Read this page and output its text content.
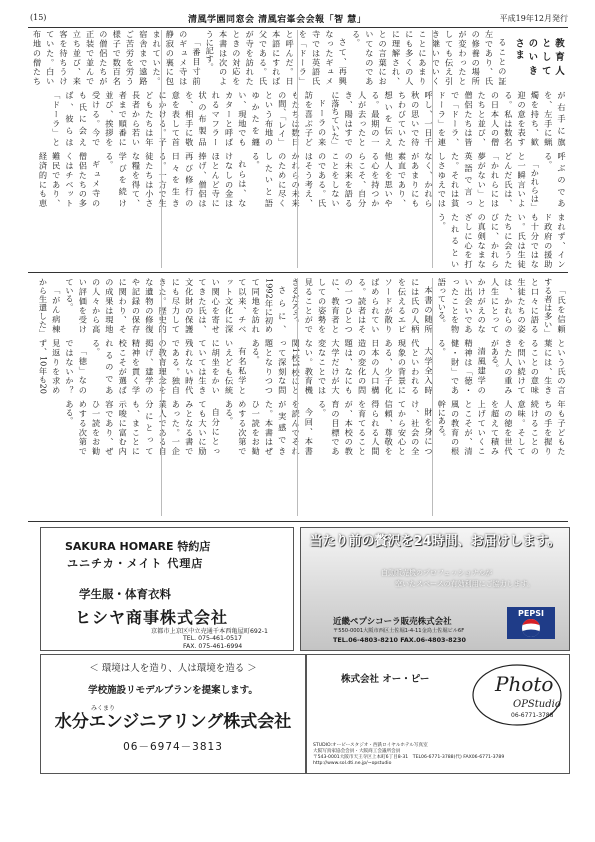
(15)	清風学園同窓会 清風宕峯会会報「智 慧」	平成19年12月発行
教育人としてのいきさま

ることの証左であり、氏の修養の場所が変わったとしても伝え引き継いでいくことにあまりにも多くの人に理解され、との言葉においてなのである。

さて、再興なったギュメ寺では英語氏を「ドーラ」と呼んだ。日本語にすれば父である。氏が寺を訪れたときの対応を本書は次のように記す。

「番目寸前のギュメ寺は静寂の裏に包まれていた。宿舎まで遠路ご苦労を労う様子で数百名の僧侶たちが正装で並んで立ち並び、来客を待ちうけていた。白い布地の僧たちが右手に旗を、左手に蝋燭を持ち、歓迎の意を表する。私は数名の日本人の僧たちと並び、僧侶たちは皆で「ドーラ、ドーラ」を連呼し、一日千秋の思いで待ちわびていた想いを伝える。最期の一人が去ったとき、陽はすでに落ちていた」

ドーラの来訪を喜ぶ子どもたちは数日の間、「レイ」という布地のゆかたを纏い、現地でもカターと呼ばれるマフラー状の布製品を、相手に敬意を表して首にかける。子どもたちは年長者から若い者まで順番に並び、挨拶を受ける。今でも氏に会えば、彼らは「ドーラ」と呼ぶのである。

「かれらは」と一瞬言いよどんだ氏は、「かれらには夢がない」と英語で言った。それは貧しさゆえではなく、かれらがあまりにも素直であり、他人を思いやる心を持つからこそ、自分の未来を語ることをしないのである。氏はそう考え、かれらの未来のために尽くしたいと語る。

れらは、なけなしの金はほとんど寺に捧げ、僧侶は再び修行の日々を生きる。一方で生徒たちは小さな糧を得て、学びを続ける。

ギュメ寺の僧侶たちの多くはチベット難民であり、経済的にも恵まれず、インド政府の援助も十分ではない。氏は生徒たちに会うたびに、かれらの真剣なまなざしに心を打たれるという。

「氏を信頼する者は多い」と口々に語る生徒たちの姿は、かれらの人生にとってかけがえのない出会いであったことを物語っている。

本書の随所には氏の人柄を伝えるエピソードが散りばめられている。読者はその一つひとつに、教育者としての姿勢を見ることができるだろう。

さらに、1992年に初めて同地を訪れて以来、チベット文化に深い関心を寄せてきた氏は、文化財の保護にも尽力してきた。歴史的な遺物の修復や記録の保存に関わり、その成果は現地の人々から高い評価を受けている。

「がん病棟から生還した」という氏の言葉には、生きることの意味を問い続けてきた人の重みがある。

清風建学の精神は「徳・健・財」である。

大学全入時代といわれる現象の背景にある、少子化日本の人口構造の変化の問題は、なにも大学だけが大変なことではない。教育機関1校1校にとって深刻な問題となりつつある。

有名私学といえども伝統に胡坐をかいていては生き残れない時代である。独自の教育理念を掲げ、建学の精神を貫く学校こそが選ばれるのである。

「徳」なのではないか？見返りを求めず、10年も20年も子どもたちの手を握り続けることの意味。そして人の徳を世代を超えて積み上げていくことこそが、清風の教育の根幹にある。

財を身につけ、社会の全てから安心と信頼、尊敬を得られる人間を育てることが、本校の教育の目標である。

今回、本書を読んでそれが実感できた。本書はぜひ一読をお勧めする次第である。

自分にとっても大いに励みとなる書であった。一企業人である自分にとっても、まことに示唆に富む内容であり、ぜひ一読をお勧めする次第である。

SAKURA HOMARE 特約店
ユニチカ・メイト 代理店
学生服・体育衣料
ヒシヤ商事株式会社
京都市上京区中立売通千本西亀屋町692-1
TEL. 075-461-0517
FAX. 075-461-6994
当たり前の贅沢を24時間、お届けします。
自動販売機のプロフェッショナルが
空いたスペースの有効利用にご協力します。
近畿ペプシコーラ販売株式会社
〒550-0001大阪市西区土佐堀1-4-11金鳥土佐堀ビル6F
TEL.06-4803-8210 FAX.06-4803-8230
PEPSI
＜ 環境は人を造り、人は環境を造る ＞
学校施設リモデルプランを提案します。
みくまり
水分エンジニアリング株式会社
06－6974－3813
株式会社 オー・ピー	Photo
OPStudio
06-6771-3788
STUDIO:オーピースタジオ・西鉄ロイヤルホテル写真室
大阪写真家協会会員・大阪商工会議所会員
〒543-0001大阪市天王寺区上本町6丁目8-31　TEL06-6771-3788(代) FAX06-6771-3789
http://www.sol.dti.ne.jp/~opstudio
